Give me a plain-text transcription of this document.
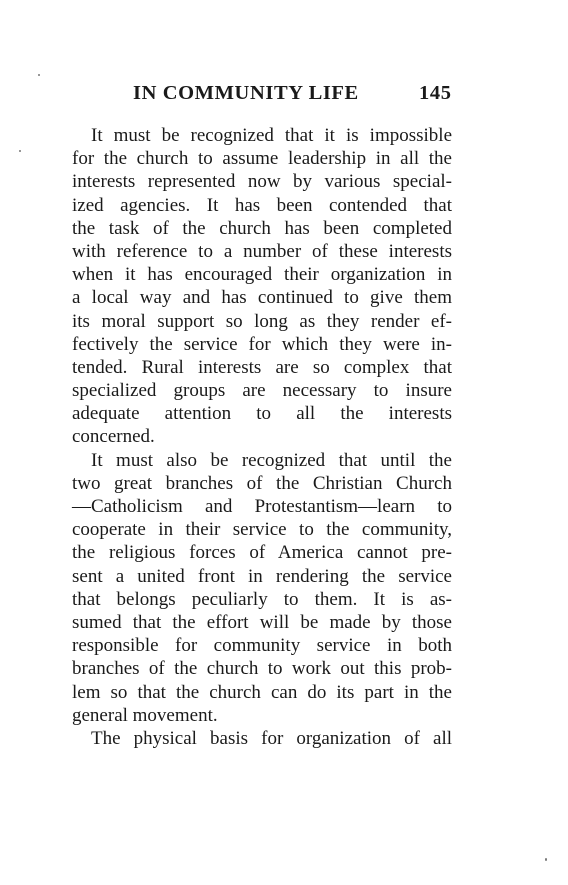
IN COMMUNITY LIFE	145
It must be recognized that it is impossible
for the church to assume leadership in all the
interests represented now by various special-
ized agencies. It has been contended that
the task of the church has been completed
with reference to a number of these interests
when it has encouraged their organization in
a local way and has continued to give them
its moral support so long as they render ef-
fectively the service for which they were in-
tended. Rural interests are so complex that
specialized groups are necessary to insure
adequate attention to all the interests
concerned.
It must also be recognized that until the
two great branches of the Christian Church
—Catholicism and Protestantism—learn to
cooperate in their service to the community,
the religious forces of America cannot pre-
sent a united front in rendering the service
that belongs peculiarly to them. It is as-
sumed that the effort will be made by those
responsible for community service in both
branches of the church to work out this prob-
lem so that the church can do its part in the
general movement.
The physical basis for organization of all
